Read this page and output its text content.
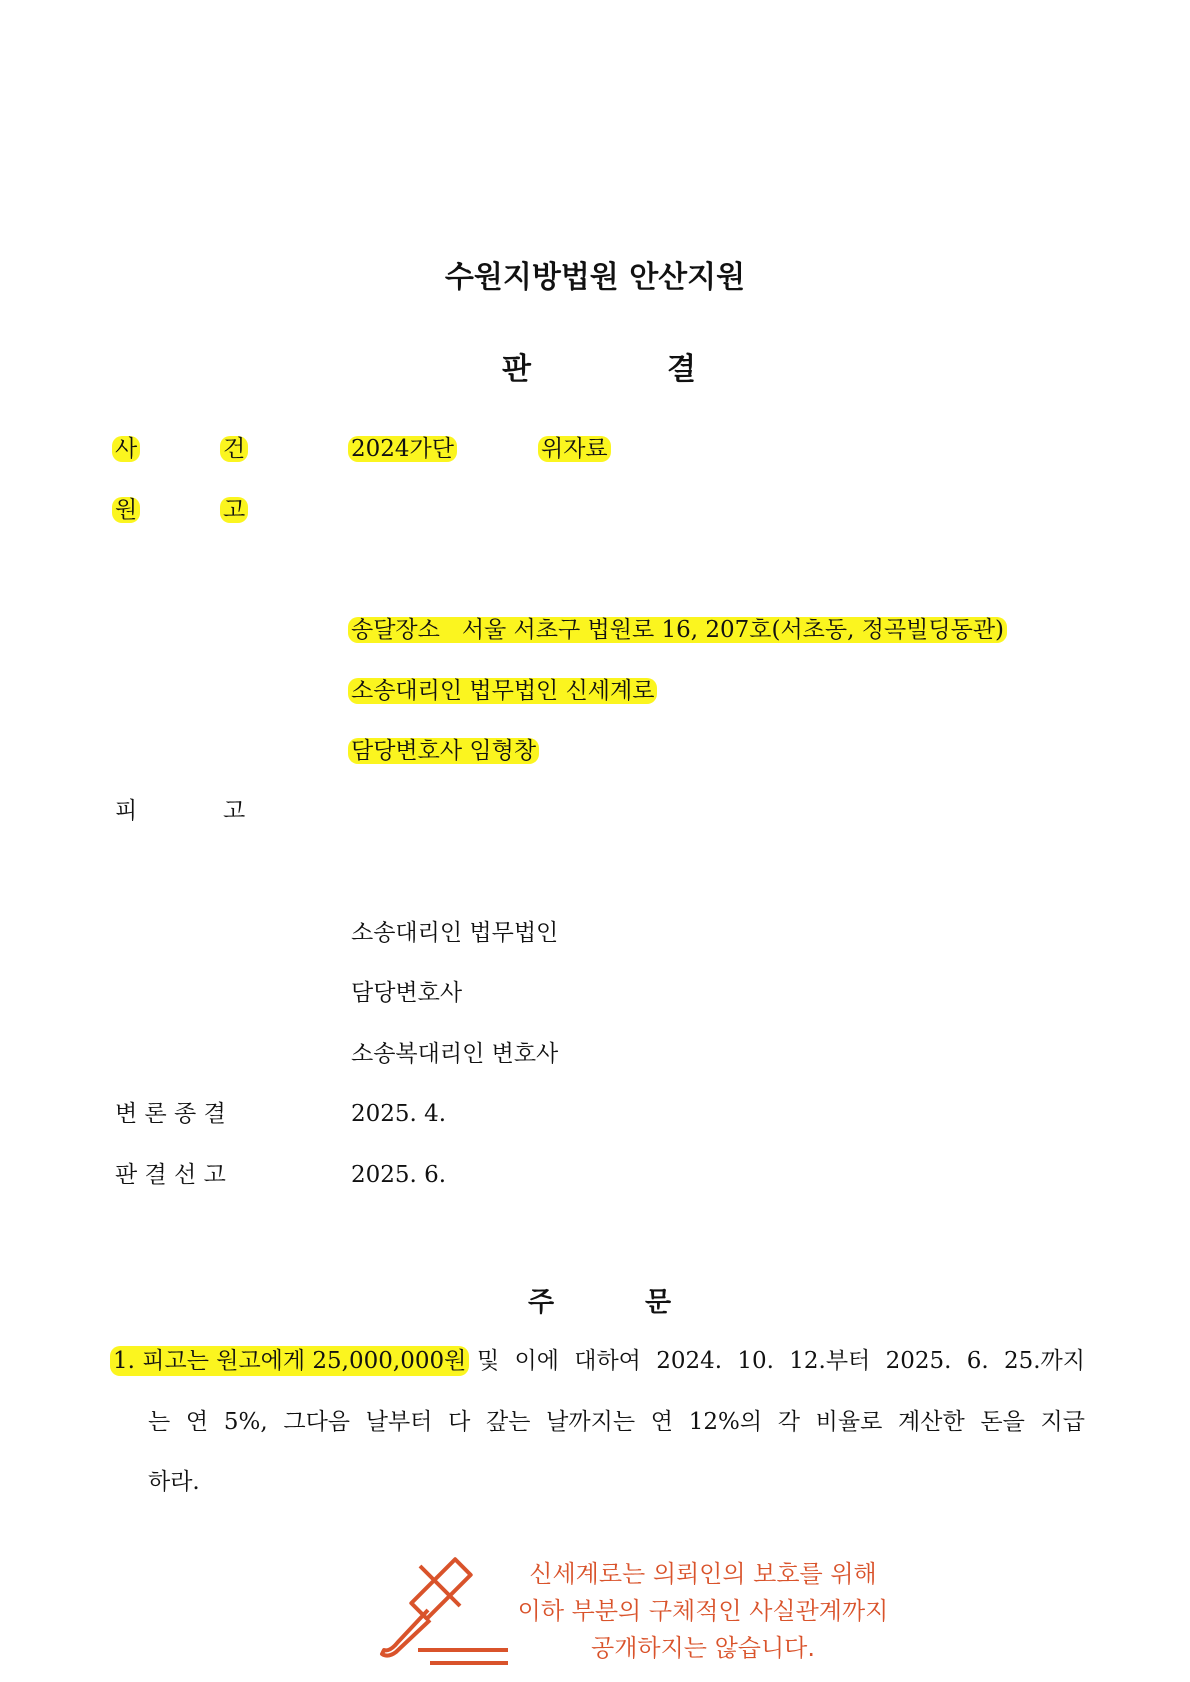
수원지방법원 안산지원
판	결
사	건	2024가단	위자료
원	고
송달장소 서울 서초구 법원로 16, 207호(서초동, 정곡빌딩동관)
소송대리인 법무법인 신세계로
담당변호사 임형창
피	고
소송대리인 법무법인
담당변호사
소송복대리인 변호사
변 론 종 결	2025. 4.
판 결 선 고	2025. 6.
주	문
1. 피고는 원고에게 25,000,000원 및 이에 대하여 2024. 10. 12.부터 2025. 6. 25.까지
는 연 5%, 그다음 날부터 다 갚는 날까지는 연 12%의 각 비율로 계산한 돈을 지급
하라.
신세계로는 의뢰인의 보호를 위해
이하 부분의 구체적인 사실관계까지
공개하지는 않습니다.
